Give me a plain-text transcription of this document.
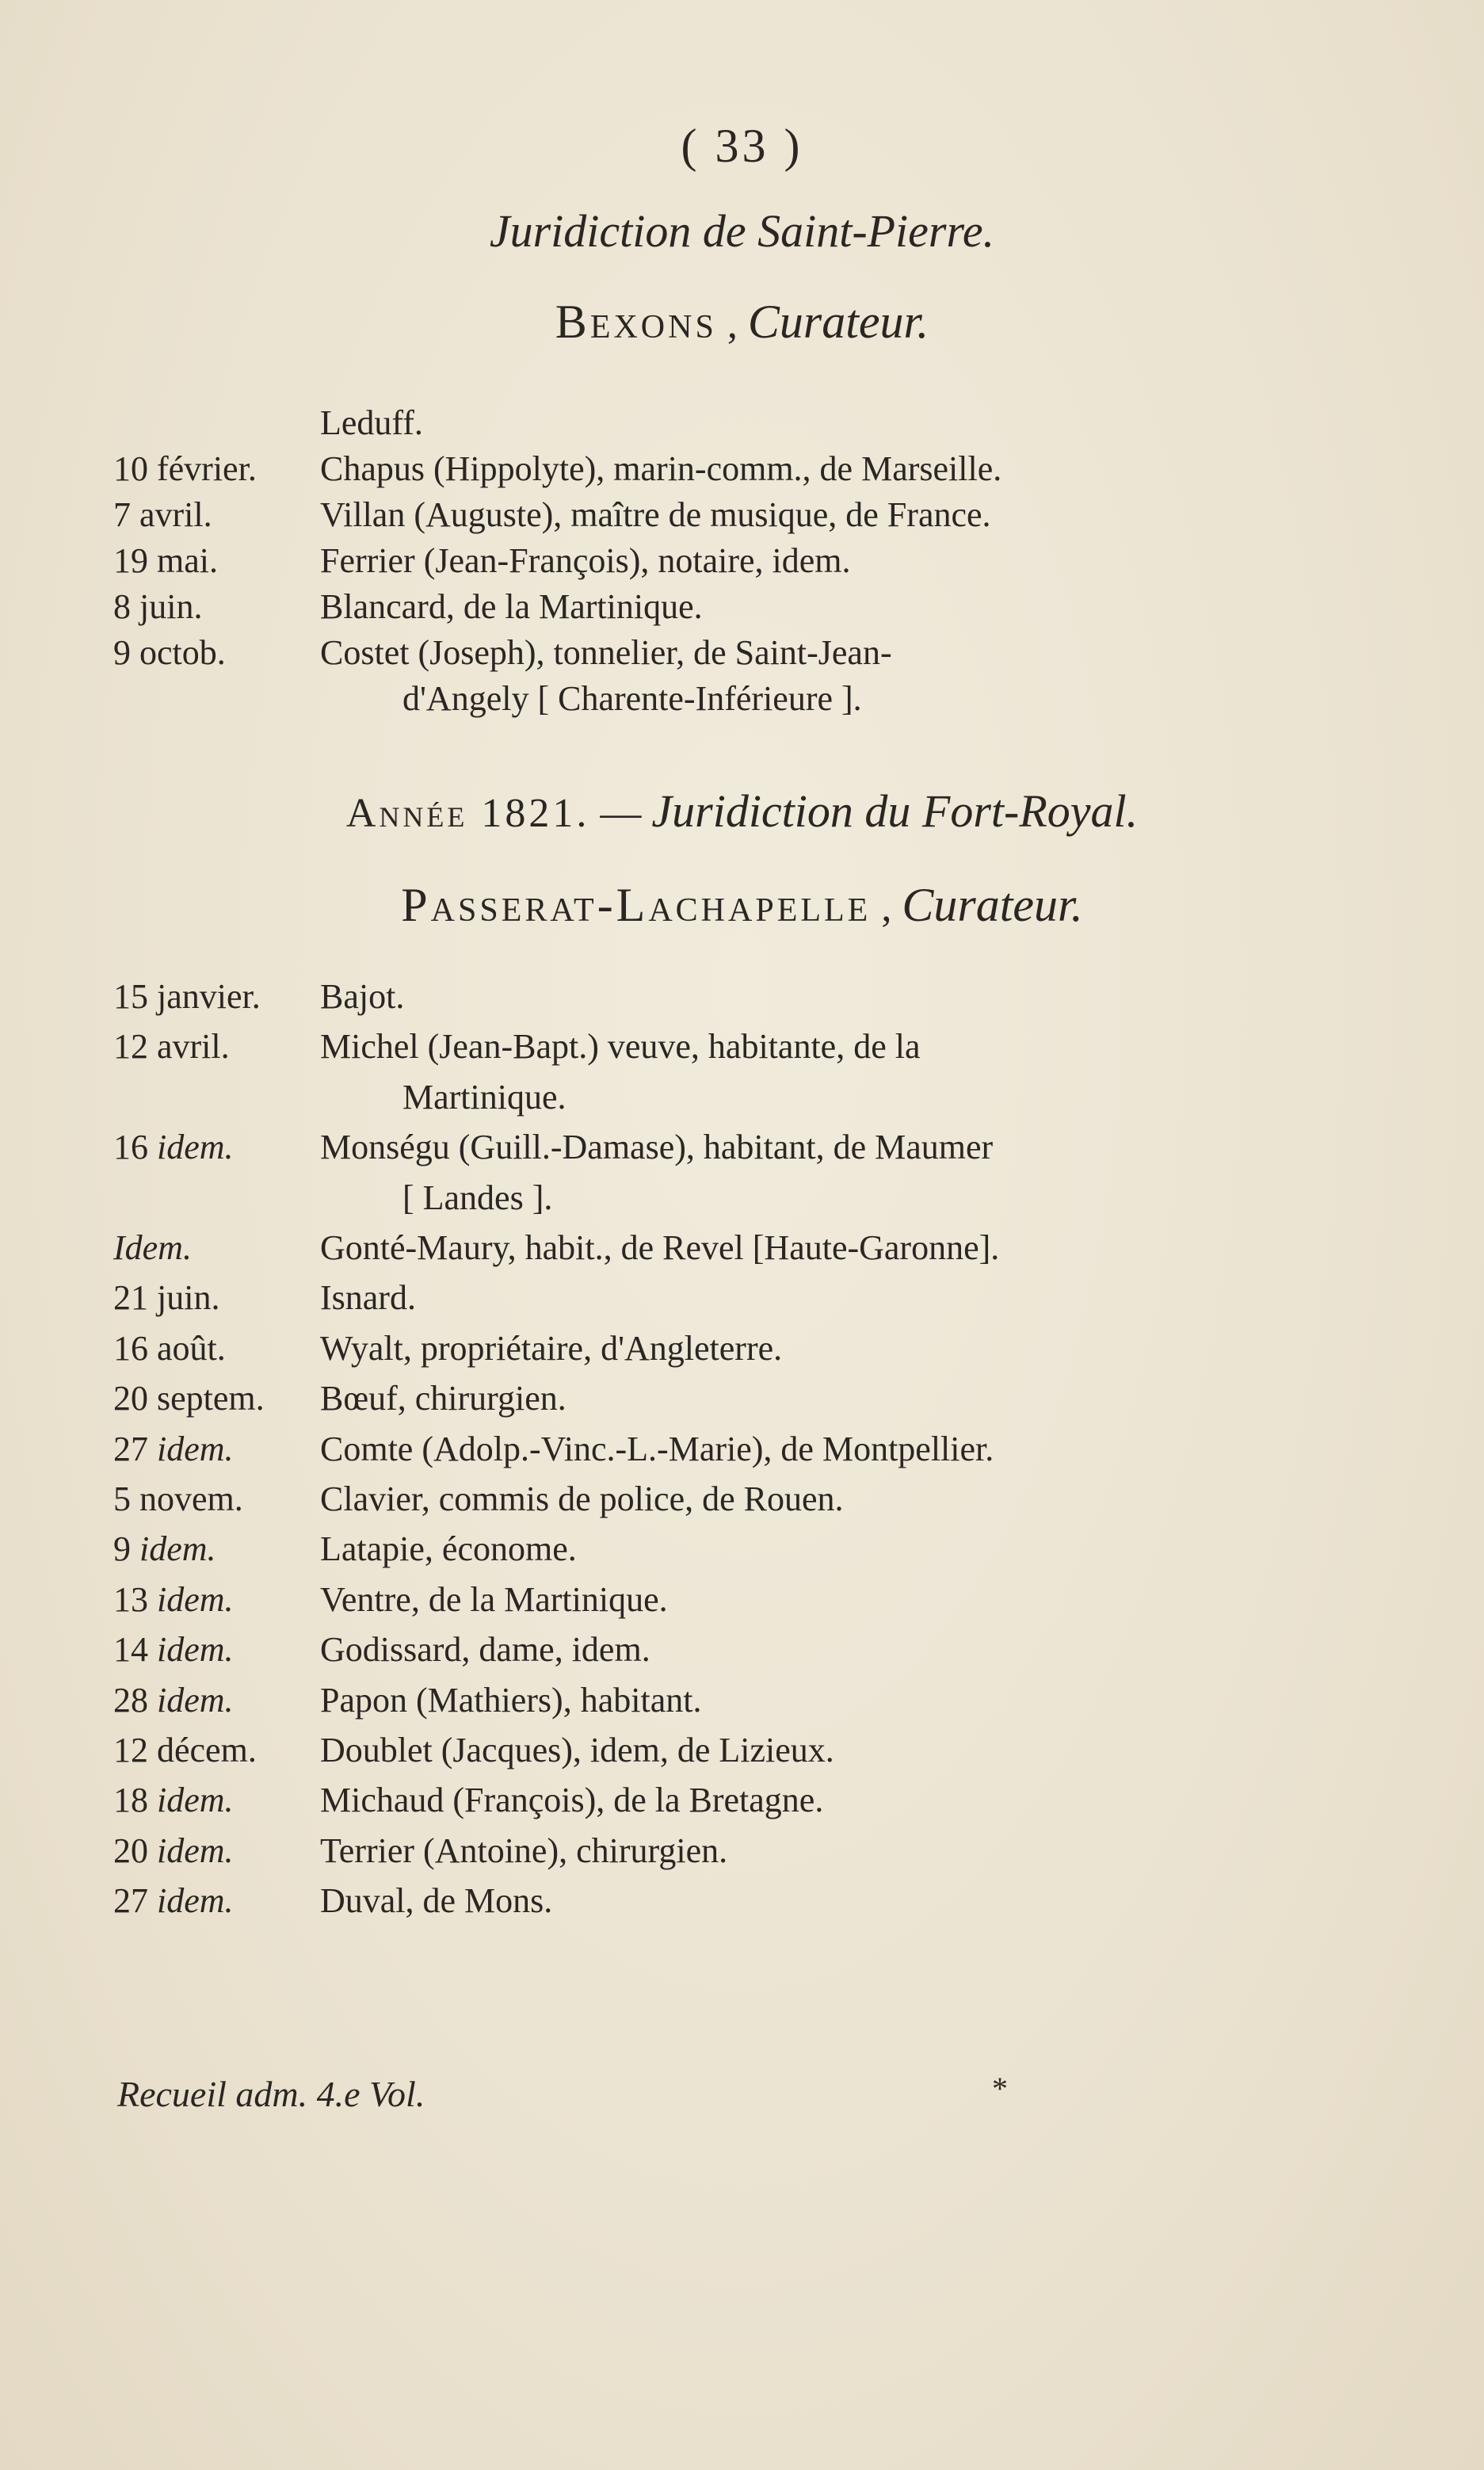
( 33 )
Juridiction de Saint-Pierre.
Bexons , Curateur.
Leduff.
10 février.	Chapus (Hippolyte), marin-comm., de Marseille.
7 avril.	Villan (Auguste), maître de musique, de France.
19 mai.	Ferrier (Jean-François), notaire, idem.
8 juin.	Blancard, de la Martinique.
9 octob.	Costet (Joseph), tonnelier, de Saint-Jean-
d'Angely [ Charente-Inférieure ].
Année 1821. — Juridiction du Fort-Royal.
Passerat-Lachapelle , Curateur.
15 janvier.	Bajot.
12 avril.	Michel (Jean-Bapt.) veuve, habitante, de la
Martinique.
16 idem.	Monségu (Guill.-Damase), habitant, de Maumer
[ Landes ].
Idem.	Gonté-Maury, habit., de Revel [Haute-Garonne].
21 juin.	Isnard.
16 août.	Wyalt, propriétaire, d'Angleterre.
20 septem.	Bœuf, chirurgien.
27 idem.	Comte (Adolp.-Vinc.-L.-Marie), de Montpellier.
5 novem.	Clavier, commis de police, de Rouen.
9 idem.	Latapie, économe.
13 idem.	Ventre, de la Martinique.
14 idem.	Godissard, dame, idem.
28 idem.	Papon (Mathiers), habitant.
12 décem.	Doublet (Jacques), idem, de Lizieux.
18 idem.	Michaud (François), de la Bretagne.
20 idem.	Terrier (Antoine), chirurgien.
27 idem.	Duval, de Mons.
Recueil adm. 4.e Vol.	*
